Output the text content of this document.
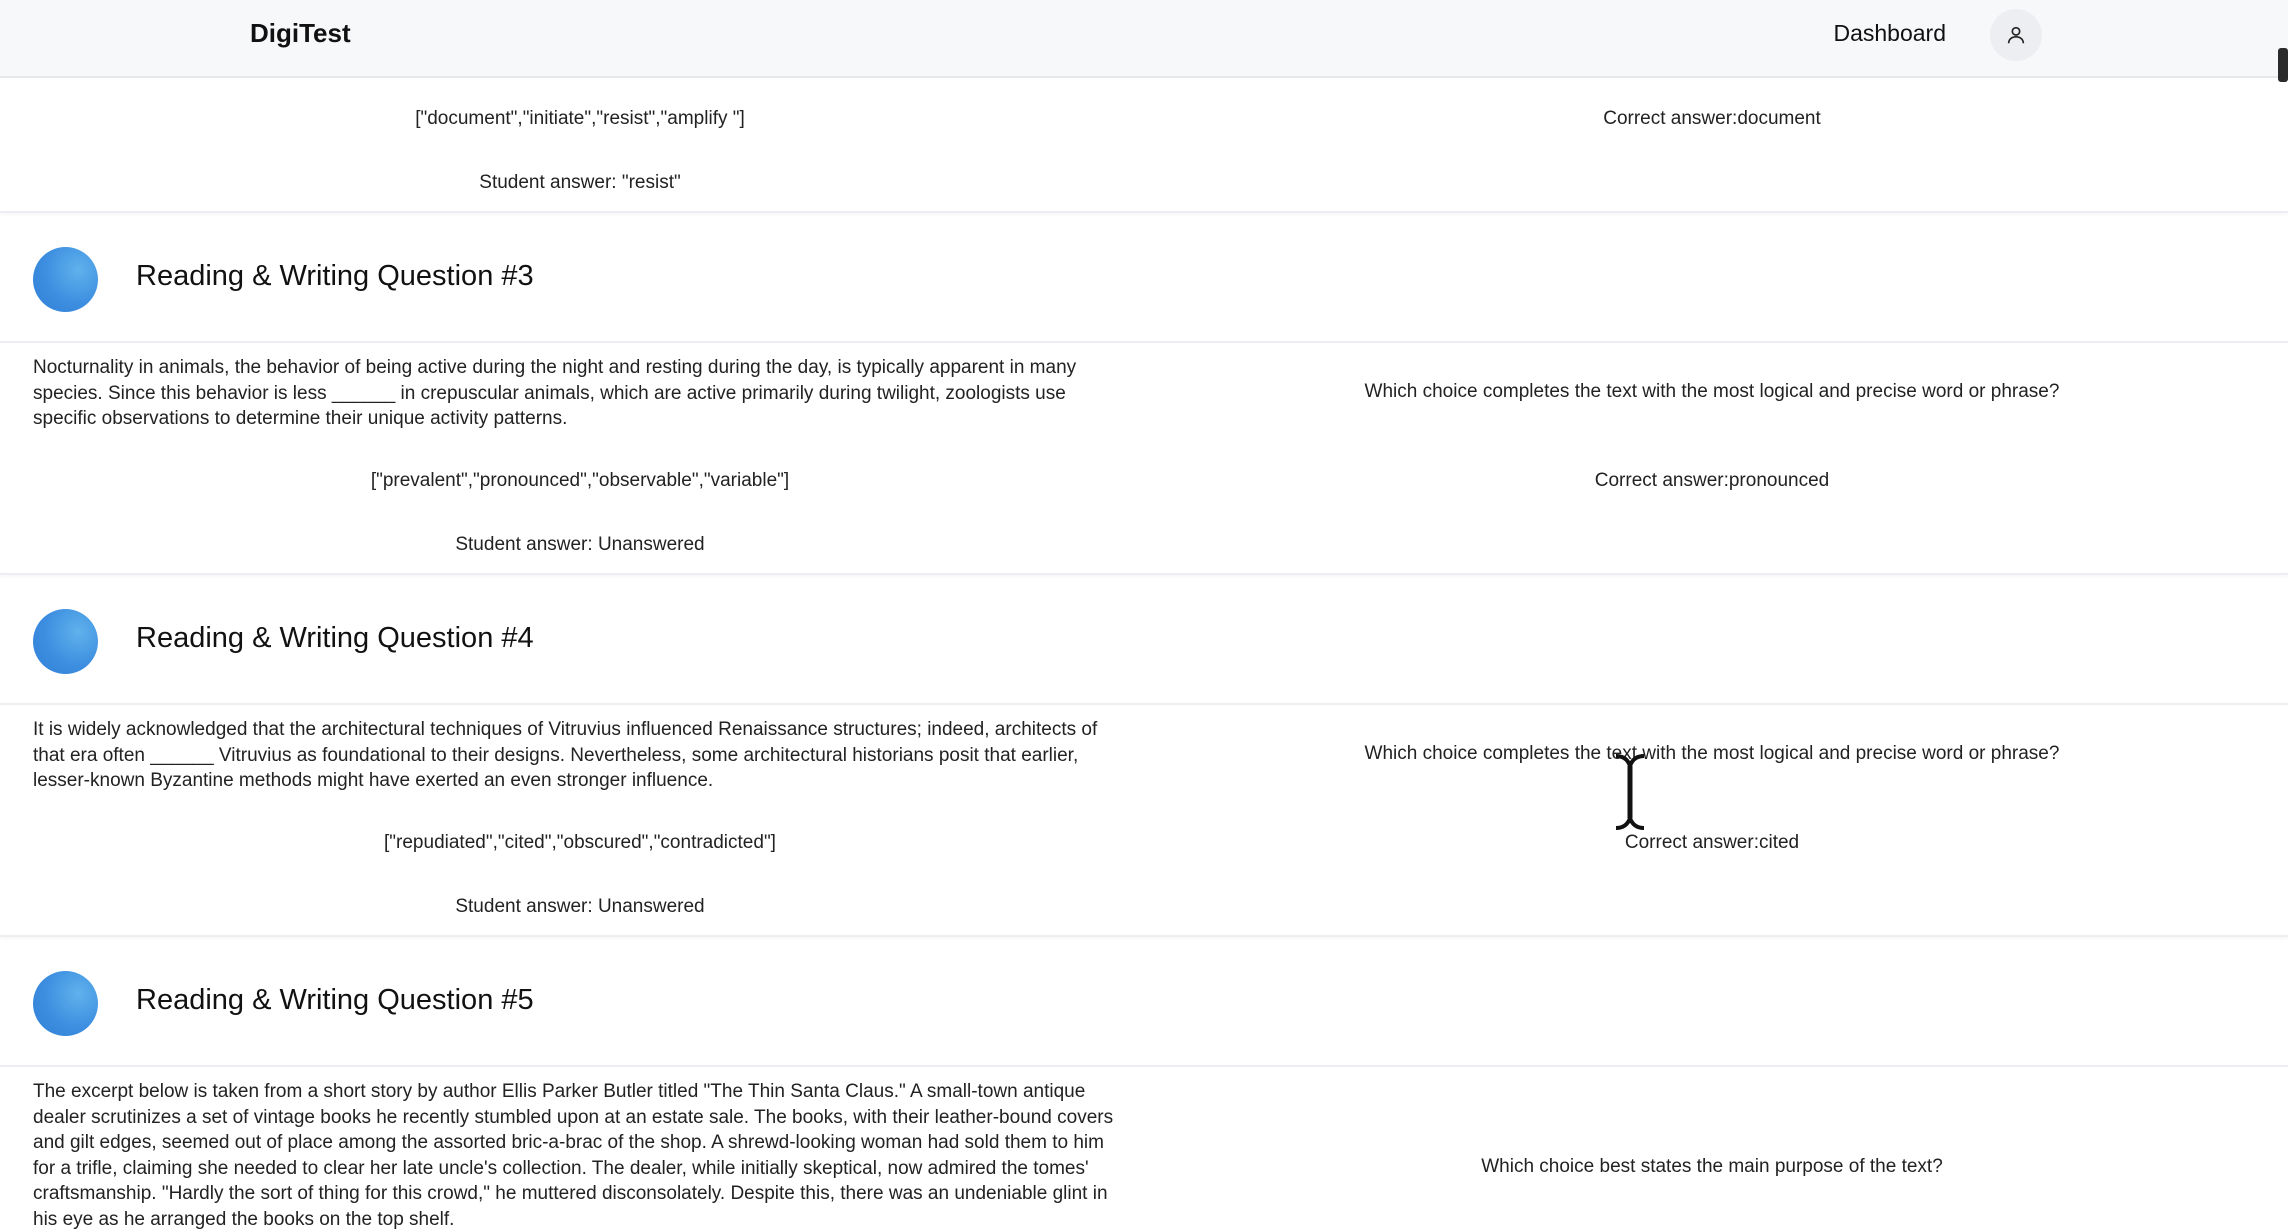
DigiTest	Dashboard
["document","initiate","resist","amplify "]	Correct answer:document
Student answer: "resist"
Reading & Writing Question #3
Nocturnality in animals, the behavior of being active during the night and resting during the day, is typically apparent in many species. Since this behavior is less ______ in crepuscular animals, which are active primarily during twilight, zoologists use specific observations to determine their unique activity patterns.
Which choice completes the text with the most logical and precise word or phrase?
["prevalent","pronounced","observable","variable"]	Correct answer:pronounced
Student answer: Unanswered
Reading & Writing Question #4
It is widely acknowledged that the architectural techniques of Vitruvius influenced Renaissance structures; indeed, architects of that era often ______ Vitruvius as foundational to their designs. Nevertheless, some architectural historians posit that earlier, lesser-known Byzantine methods might have exerted an even stronger influence.
Which choice completes the text with the most logical and precise word or phrase?
["repudiated","cited","obscured","contradicted"]	Correct answer:cited
Student answer: Unanswered
Reading & Writing Question #5
The excerpt below is taken from a short story by author Ellis Parker Butler titled "The Thin Santa Claus." A small-town antique dealer scrutinizes a set of vintage books he recently stumbled upon at an estate sale. The books, with their leather-bound covers and gilt edges, seemed out of place among the assorted bric-a-brac of the shop. A shrewd-looking woman had sold them to him for a trifle, claiming she needed to clear her late uncle's collection. The dealer, while initially skeptical, now admired the tomes' craftsmanship. "Hardly the sort of thing for this crowd," he muttered disconsolately. Despite this, there was an undeniable glint in his eye as he arranged the books on the top shelf.
Which choice best states the main purpose of the text?
